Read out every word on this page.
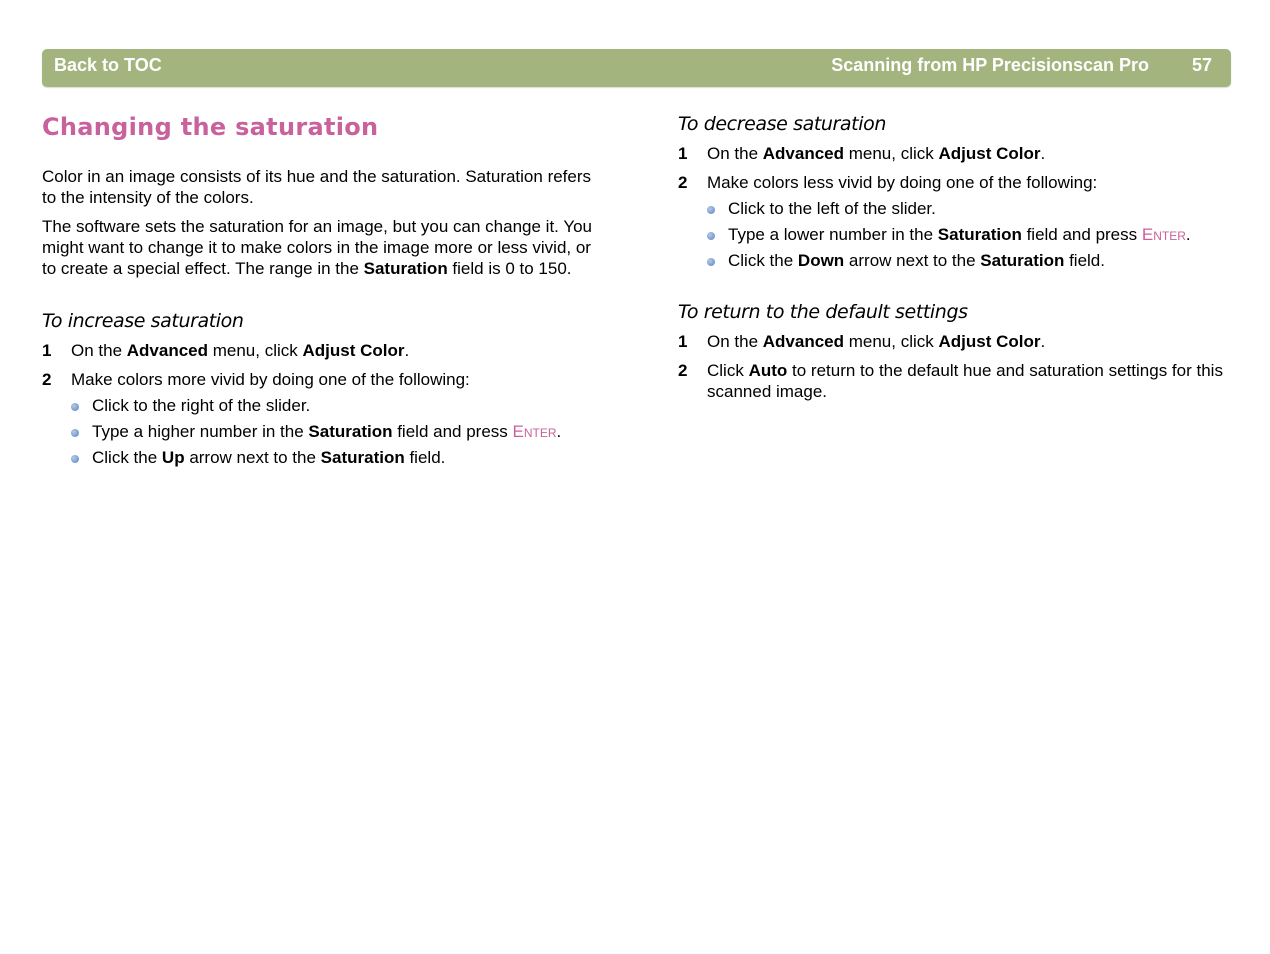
Back to TOC	Scanning from HP Precisionscan Pro 57
Changing the saturation

Color in an image consists of its hue and the saturation. Saturation refers to the intensity of the colors.

The software sets the saturation for an image, but you can change it. You might want to change it to make colors in the image more or less vivid, or to create a special effect. The range in the Saturation field is 0 to 150.

To increase saturation
1 On the Advanced menu, click Adjust Color.
2 Make colors more vivid by doing one of the following:
Click to the right of the slider.
Type a higher number in the Saturation field and press Enter.
Click the Up arrow next to the Saturation field.
To decrease saturation
1 On the Advanced menu, click Adjust Color.
2 Make colors less vivid by doing one of the following:
Click to the left of the slider.
Type a lower number in the Saturation field and press Enter.
Click the Down arrow next to the Saturation field.
To return to the default settings
1 On the Advanced menu, click Adjust Color.
2 Click Auto to return to the default hue and saturation settings for this scanned image.
